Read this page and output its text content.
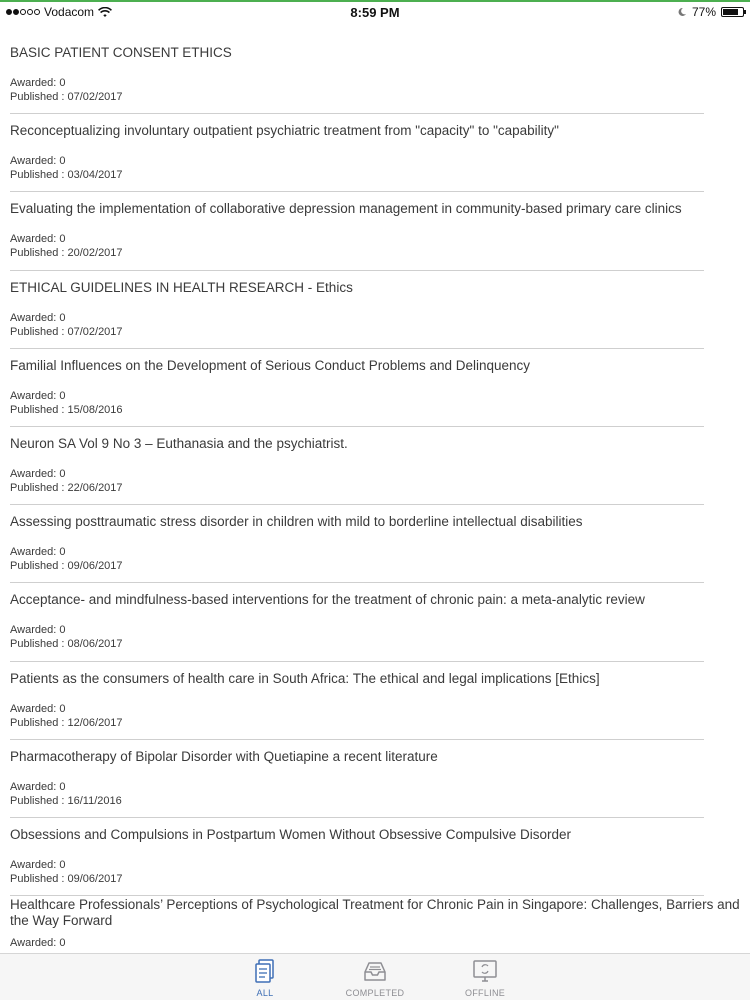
Vodacom	8:59 PM	77%
BASIC PATIENT CONSENT ETHICS
Awarded: 0
Published : 07/02/2017
Reconceptualizing involuntary outpatient psychiatric treatment from "capacity" to "capability"
Awarded: 0
Published : 03/04/2017
Evaluating the implementation of collaborative depression management in community-based primary care clinics
Awarded: 0
Published : 20/02/2017
ETHICAL GUIDELINES IN HEALTH RESEARCH - Ethics
Awarded: 0
Published : 07/02/2017
Familial Influences on the Development of Serious Conduct Problems and Delinquency
Awarded: 0
Published : 15/08/2016
Neuron SA Vol 9 No 3 – Euthanasia and the psychiatrist.
Awarded: 0
Published : 22/06/2017
Assessing posttraumatic stress disorder in children with mild to borderline intellectual disabilities
Awarded: 0
Published : 09/06/2017
Acceptance- and mindfulness-based interventions for the treatment of chronic pain: a meta-analytic review
Awarded: 0
Published : 08/06/2017
Patients as the consumers of health care in South Africa: The ethical and legal implications [Ethics]
Awarded: 0
Published : 12/06/2017
Pharmacotherapy of Bipolar Disorder with Quetiapine a recent literature
Awarded: 0
Published : 16/11/2016
Obsessions and Compulsions in Postpartum Women Without Obsessive Compulsive Disorder
Awarded: 0
Published : 09/06/2017
Healthcare Professionals’ Perceptions of Psychological Treatment for Chronic Pain in Singapore: Challenges, Barriers and the Way Forward
Awarded: 0
ALL	COMPLETED	OFFLINE
